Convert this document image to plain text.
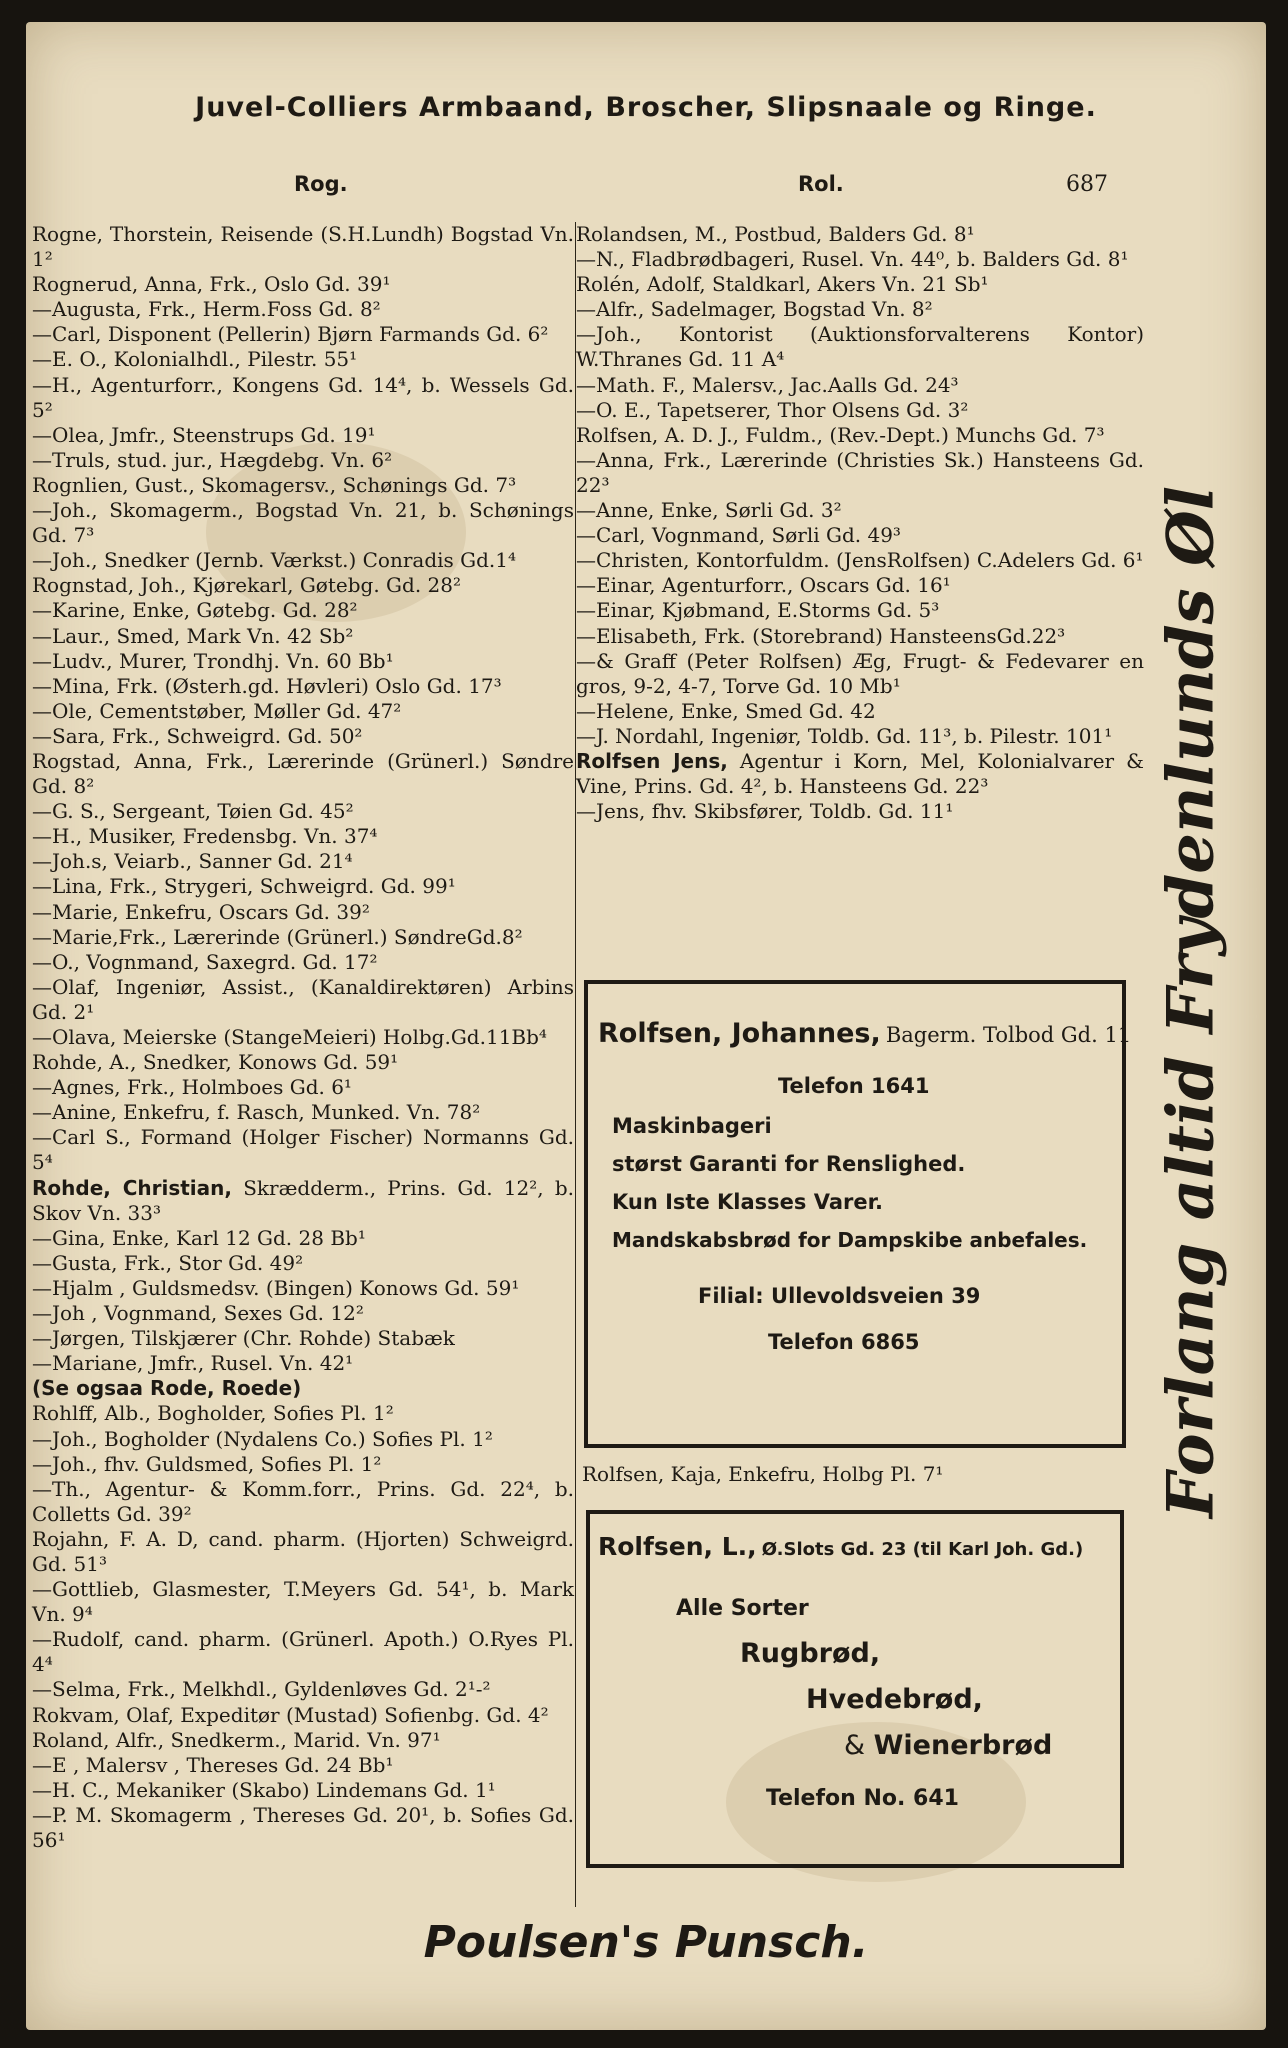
Juvel-Colliers Armbaand, Broscher, Slipsnaale og Ringe.
Rog.	Rol.	687
Rogne, Thorstein, Reisende (S.H.Lundh) Bogstad Vn. 1²
Rognerud, Anna, Frk., Oslo Gd. 39¹
—Augusta, Frk., Herm.Foss Gd. 8²
—Carl, Disponent (Pellerin) Bjørn Farmands Gd. 6²
—E. O., Kolonialhdl., Pilestr. 55¹
—H., Agenturforr., Kongens Gd. 14⁴, b. Wessels Gd. 5²
—Olea, Jmfr., Steenstrups Gd. 19¹
—Truls, stud. jur., Hægdebg. Vn. 6²
Rognlien, Gust., Skomagersv., Schønings Gd. 7³
—Joh., Skomagerm., Bogstad Vn. 21, b. Schønings Gd. 7³
—Joh., Snedker (Jernb. Værkst.) Conradis Gd.1⁴
Rognstad, Joh., Kjørekarl, Gøtebg. Gd. 28²
—Karine, Enke, Gøtebg. Gd. 28²
—Laur., Smed, Mark Vn. 42 Sb²
—Ludv., Murer, Trondhj. Vn. 60 Bb¹
—Mina, Frk. (Østerh.gd. Høvleri) Oslo Gd. 17³
—Ole, Cementstøber, Møller Gd. 47²
—Sara, Frk., Schweigrd. Gd. 50²
Rogstad, Anna, Frk., Lærerinde (Grünerl.) Søndre Gd. 8²
—G. S., Sergeant, Tøien Gd. 45²
—H., Musiker, Fredensbg. Vn. 37⁴
—Joh.s, Veiarb., Sanner Gd. 21⁴
—Lina, Frk., Strygeri, Schweigrd. Gd. 99¹
—Marie, Enkefru, Oscars Gd. 39²
—Marie,Frk., Lærerinde (Grünerl.) SøndreGd.8²
—O., Vognmand, Saxegrd. Gd. 17²
—Olaf, Ingeniør, Assist., (Kanaldirektøren) Arbins Gd. 2¹
—Olava, Meierske (StangeMeieri) Holbg.Gd.11Bb⁴
Rohde, A., Snedker, Konows Gd. 59¹
—Agnes, Frk., Holmboes Gd. 6¹
—Anine, Enkefru, f. Rasch, Munked. Vn. 78²
—Carl S., Formand (Holger Fischer) Normanns Gd. 5⁴
Rohde, Christian, Skrædderm., Prins. Gd. 12², b. Skov Vn. 33³
—Gina, Enke, Karl 12 Gd. 28 Bb¹
—Gusta, Frk., Stor Gd. 49²
—Hjalm , Guldsmedsv. (Bingen) Konows Gd. 59¹
—Joh , Vognmand, Sexes Gd. 12²
—Jørgen, Tilskjærer (Chr. Rohde) Stabæk
—Mariane, Jmfr., Rusel. Vn. 42¹
(Se ogsaa Rode, Roede)
Rohlff, Alb., Bogholder, Sofies Pl. 1²
—Joh., Bogholder (Nydalens Co.) Sofies Pl. 1²
—Joh., fhv. Guldsmed, Sofies Pl. 1²
—Th., Agentur- & Komm.forr., Prins. Gd. 22⁴, b. Colletts Gd. 39²
Rojahn, F. A. D, cand. pharm. (Hjorten) Schweigrd. Gd. 51³
—Gottlieb, Glasmester, T.Meyers Gd. 54¹, b. Mark Vn. 9⁴
—Rudolf, cand. pharm. (Grünerl. Apoth.) O.Ryes Pl. 4⁴
—Selma, Frk., Melkhdl., Gyldenløves Gd. 2¹-²
Rokvam, Olaf, Expeditør (Mustad) Sofienbg. Gd. 4²
Roland, Alfr., Snedkerm., Marid. Vn. 97¹
—E , Malersv , Thereses Gd. 24 Bb¹
—H. C., Mekaniker (Skabo) Lindemans Gd. 1¹
—P. M. Skomagerm , Thereses Gd. 20¹, b. Sofies Gd. 56¹
Rolandsen, M., Postbud, Balders Gd. 8¹
—N., Fladbrødbageri, Rusel. Vn. 44⁰, b. Balders Gd. 8¹
Rolén, Adolf, Staldkarl, Akers Vn. 21 Sb¹
—Alfr., Sadelmager, Bogstad Vn. 8²
—Joh., Kontorist (Auktionsforvalterens Kontor) W.Thranes Gd. 11 A⁴
—Math. F., Malersv., Jac.Aalls Gd. 24³
—O. E., Tapetserer, Thor Olsens Gd. 3²
Rolfsen, A. D. J., Fuldm., (Rev.-Dept.) Munchs Gd. 7³
—Anna, Frk., Lærerinde (Christies Sk.) Hansteens Gd. 22³
—Anne, Enke, Sørli Gd. 3²
—Carl, Vognmand, Sørli Gd. 49³
—Christen, Kontorfuldm. (JensRolfsen) C.Adelers Gd. 6¹
—Einar, Agenturforr., Oscars Gd. 16¹
—Einar, Kjøbmand, E.Storms Gd. 5³
—Elisabeth, Frk. (Storebrand) HansteensGd.22³
—& Graff (Peter Rolfsen) Æg, Frugt- & Fedevarer en gros, 9-2, 4-7, Torve Gd. 10 Mb¹
—Helene, Enke, Smed Gd. 42
—J. Nordahl, Ingeniør, Toldb. Gd. 11³, b. Pilestr. 101¹
Rolfsen Jens, Agentur i Korn, Mel, Kolonialvarer & Vine, Prins. Gd. 4², b. Hansteens Gd. 22³
—Jens, fhv. Skibsfører, Toldb. Gd. 11¹
Rolfsen, Johannes, Bagerm. Tolbod Gd. 11
Telefon 1641
Maskinbageri
størst Garanti for Renslighed.
Kun Iste Klasses Varer.
Mandskabsbrød for Dampskibe anbefales.
Filial: Ullevoldsveien 39
Telefon 6865
Rolfsen, Kaja, Enkefru, Holbg Pl. 7¹
Rolfsen, L., Ø.Slots Gd. 23 (til Karl Joh. Gd.)
Alle Sorter
Rugbrød,
Hvedebrød,
& Wienerbrød
Telefon No. 641
Forlang altid Frydenlunds Øl
Poulsen's Punsch.
